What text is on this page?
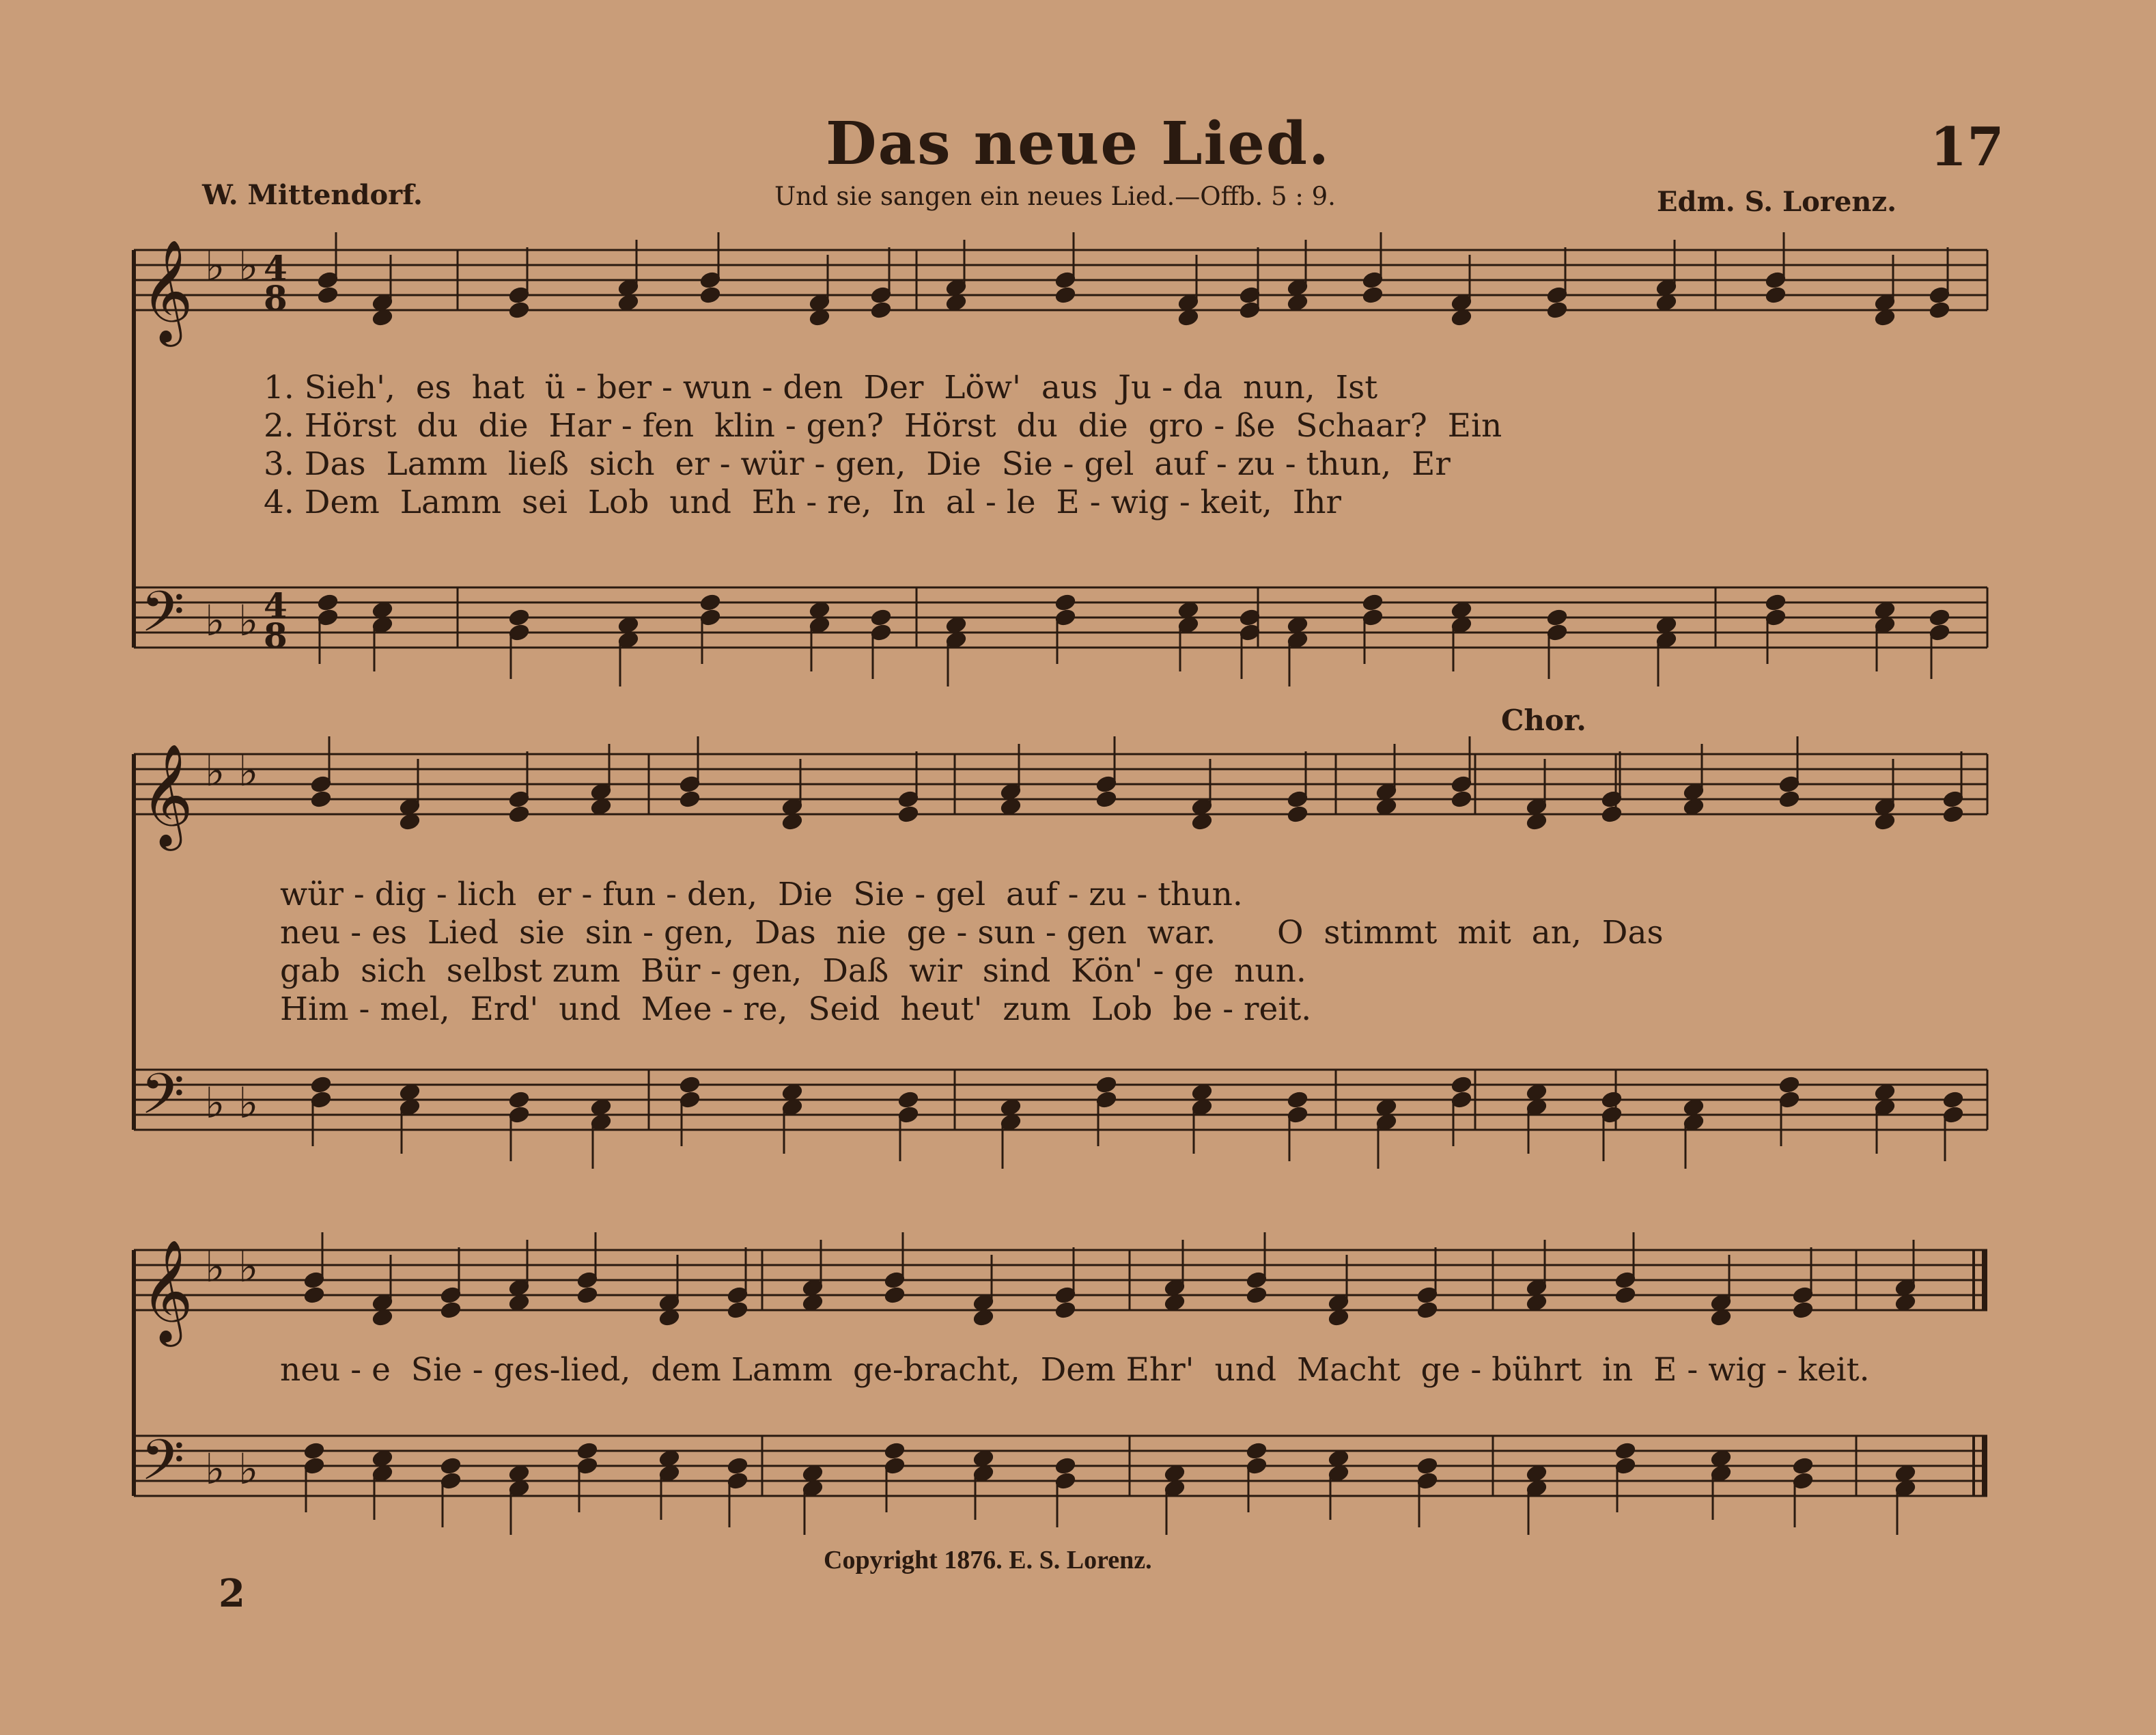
Das neue Lied.	17
W. Mittendorf.	Und sie sangen ein neues Lied.—Offb. 5 : 9.	Edm. S. Lorenz.
𝄞
𝄢
𝄞
𝄢
𝄞
𝄢
♭ ♭
♭ ♭
♭ ♭
♭ ♭
♭ ♭
♭ ♭
4
8
4
8
1. Sieh',  es  hat  ü - ber - wun - den  Der  Löw'  aus  Ju - da  nun,  Ist
2. Hörst  du  die  Har - fen  klin - gen?  Hörst  du  die  gro - ße  Schaar?  Ein
3. Das  Lamm  ließ  sich  er - wür - gen,  Die  Sie - gel  auf - zu - thun,  Er
4. Dem  Lamm  sei  Lob  und  Eh - re,  In  al - le  E - wig - keit,  Ihr
Chor.
wür - dig - lich  er - fun - den,  Die  Sie - gel  auf - zu - thun.
neu - es  Lied  sie  sin - gen,  Das  nie  ge - sun - gen  war.      O  stimmt  mit  an,  Das
gab  sich  selbst zum  Bür - gen,  Daß  wir  sind  Kön' - ge  nun.
Him - mel,  Erd'  und  Mee - re,  Seid  heut'  zum  Lob  be - reit.
neu - e  Sie - ges-lied,  dem Lamm  ge-bracht,  Dem Ehr'  und  Macht  ge - bührt  in  E - wig - keit.
Copyright 1876. E. S. Lorenz.
2
